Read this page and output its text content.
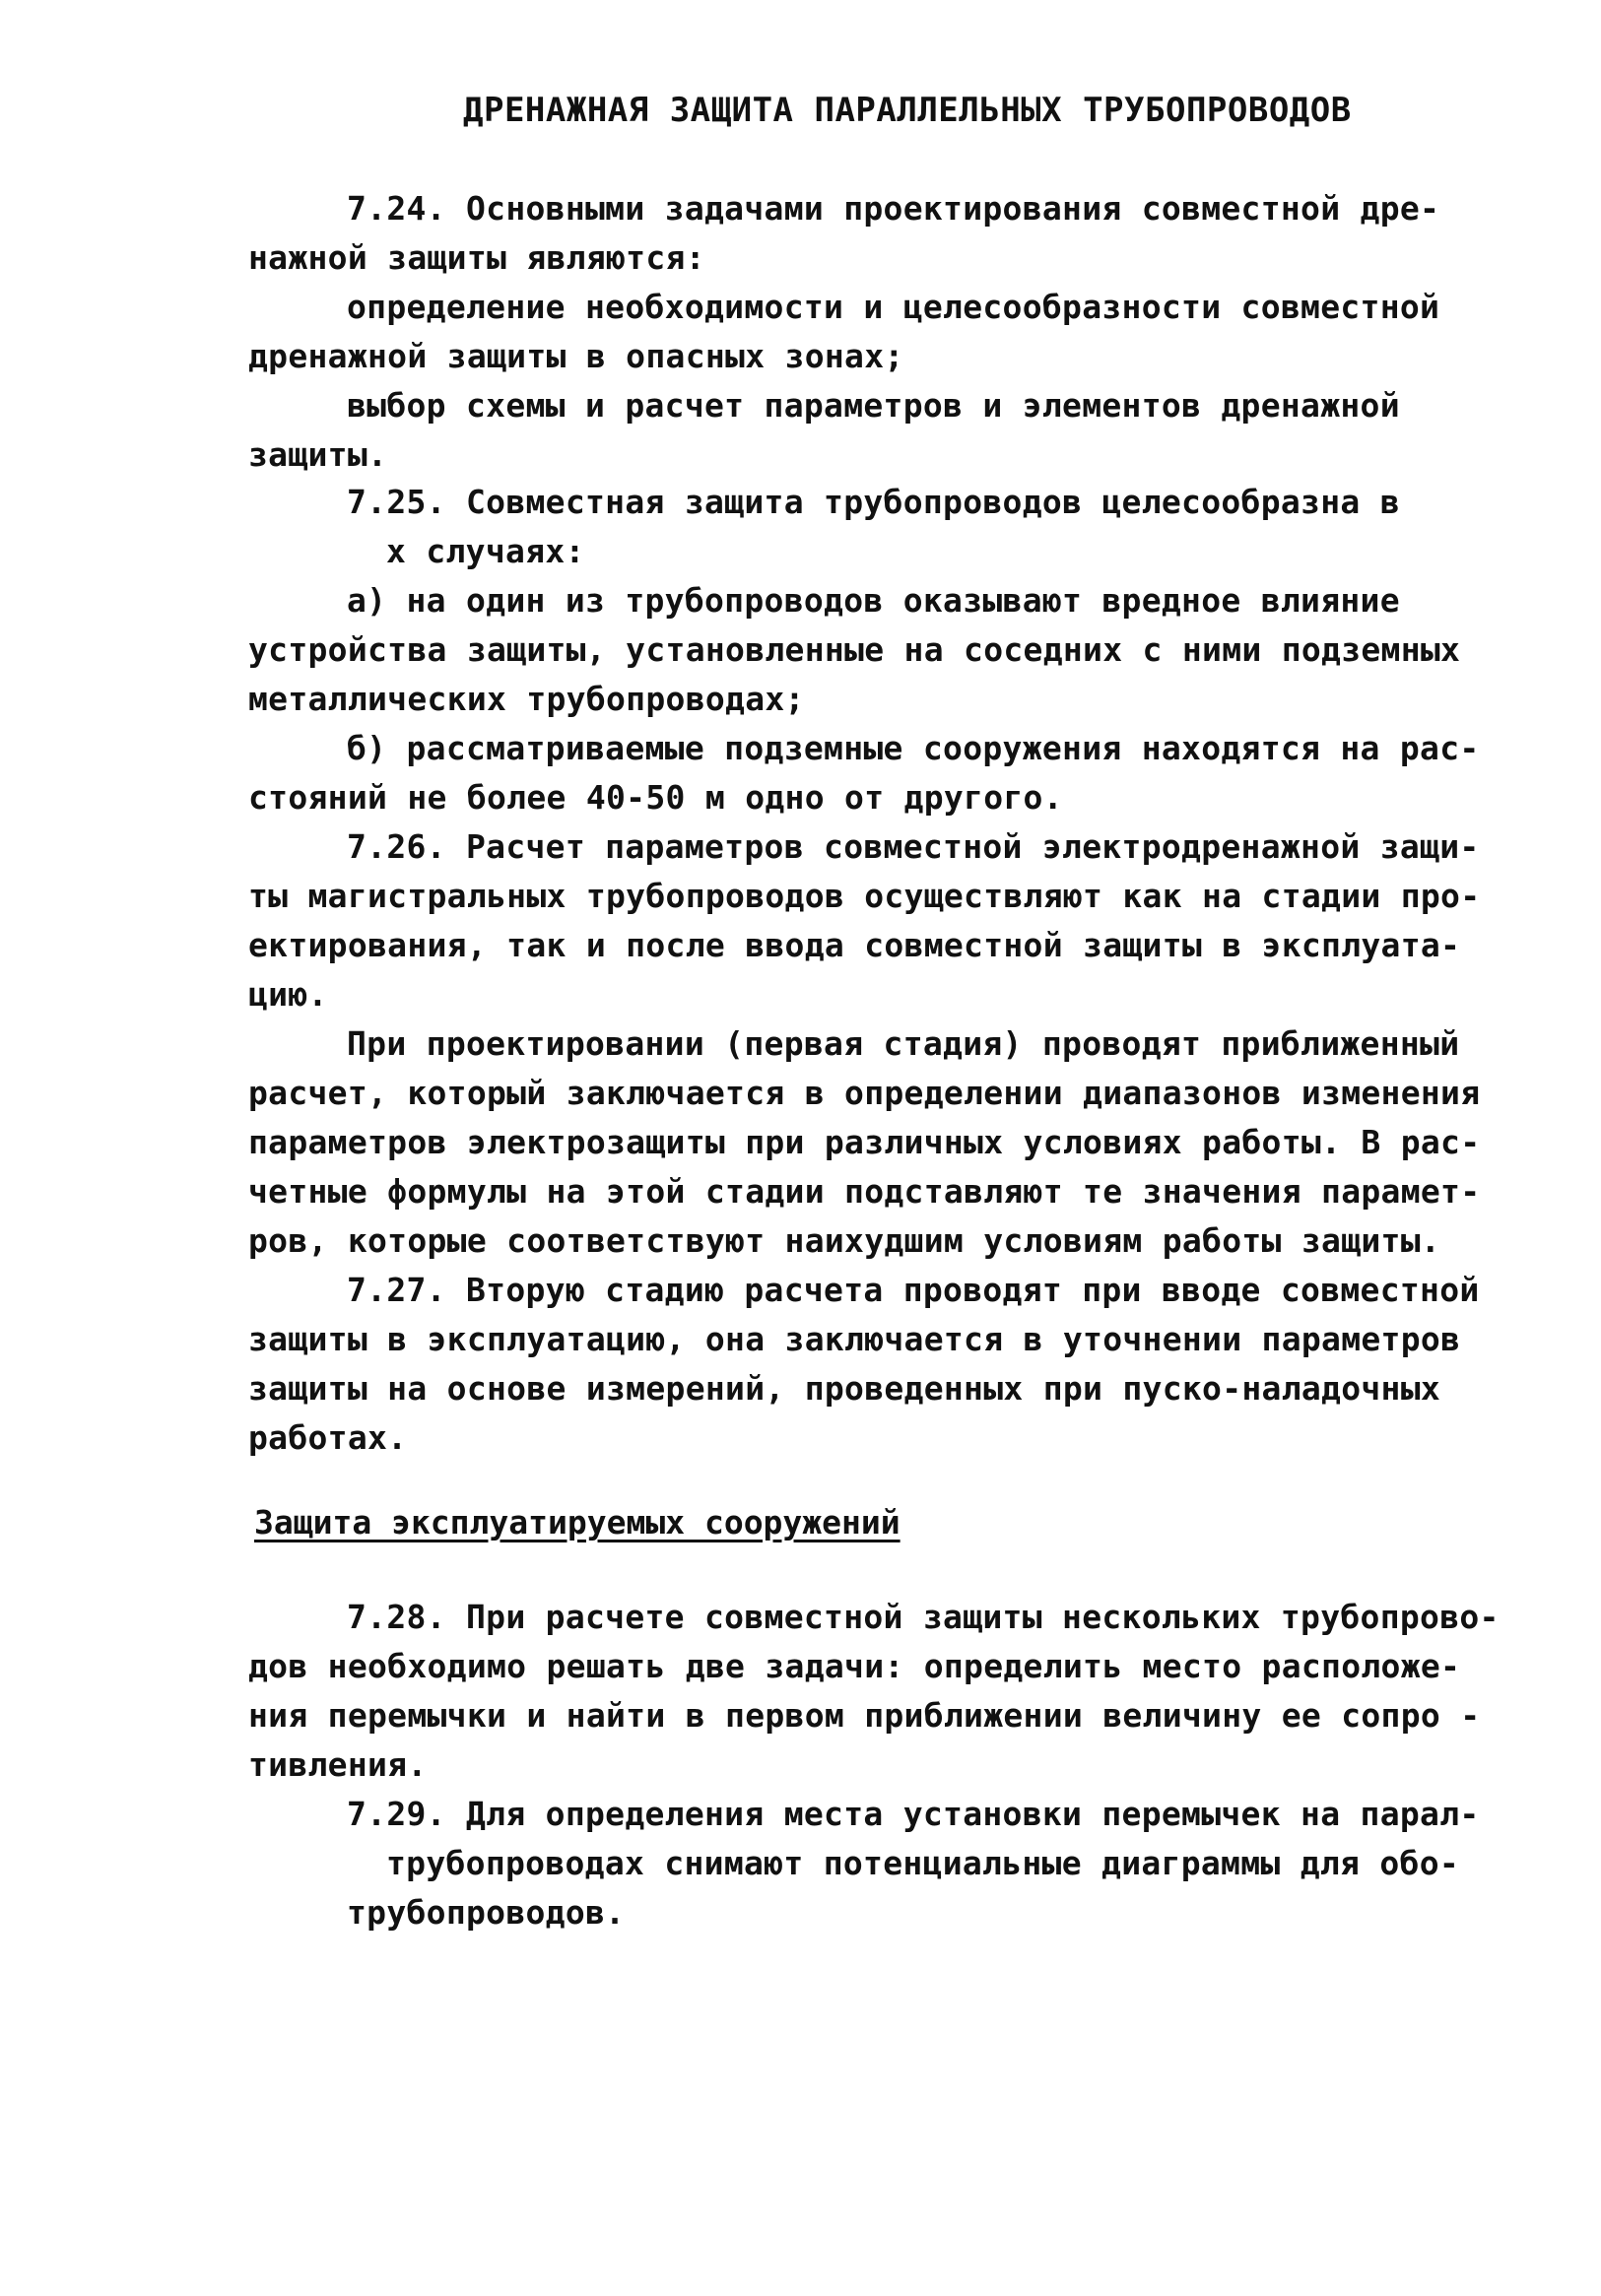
ДРЕНАЖНАЯ ЗАЩИТА ПАРАЛЛЕЛЬНЫХ ТРУБОПРОВОДОВ
7.24. Основными задачами проектирования совместной дре-
нажной защиты являются:
определение необходимости и целесообразности совместной
дренажной защиты в опасных зонах;
выбор схемы и расчет параметров и элементов дренажной
защиты.
7.25. Совместная защита трубопроводов целесообразна в
х случаях:
а) на один из трубопроводов оказывают вредное влияние
устройства защиты, установленные на соседних с ними подземных
металлических трубопроводах;
б) рассматриваемые подземные сооружения находятся на рас-
стояний не более 40-50 м одно от другого.
7.26. Расчет параметров совместной электродренажной защи-
ты магистральных трубопроводов осуществляют как на стадии про-
ектирования, так и после ввода совместной защиты в эксплуата-
цию.
При проектировании (первая стадия) проводят приближенный
расчет, который заключается в определении диапазонов изменения
параметров электрозащиты при различных условиях работы. В рас-
четные формулы на этой стадии подставляют те значения парамет-
ров, которые соответствуют наихудшим условиям работы защиты.
7.27. Вторую стадию расчета проводят при вводе совместной
защиты в эксплуатацию, она заключается в уточнении параметров
защиты на основе измерений, проведенных при пуско-наладочных
работах.
Защита эксплуатируемых сооружений
7.28. При расчете совместной защиты нескольких трубопрово-
дов необходимо решать две задачи: определить место расположе-
ния перемычки и найти в первом приближении величину ее сопро -
тивления.
7.29. Для определения места установки перемычек на парал-
трубопроводах снимают потенциальные диаграммы для обо-
трубопроводов.
